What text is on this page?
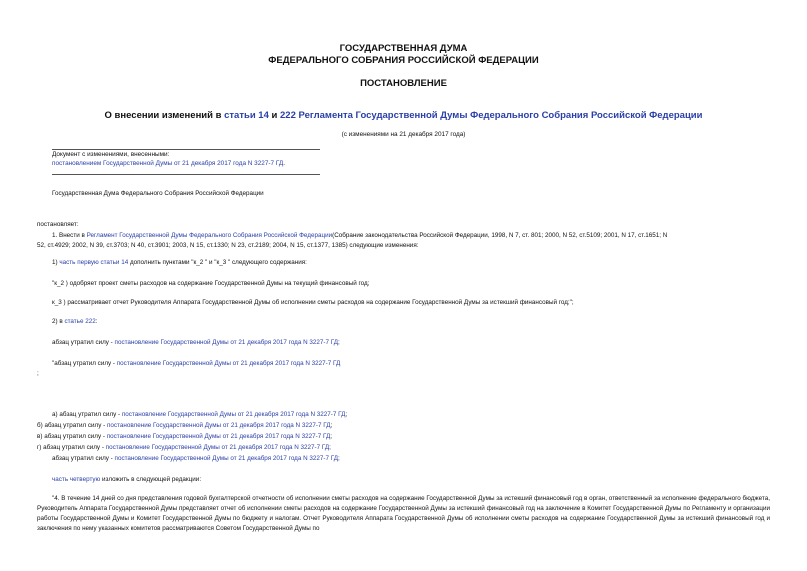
ГОСУДАРСТВЕННАЯ ДУМА
ФЕДЕРАЛЬНОГО СОБРАНИЯ РОССИЙСКОЙ ФЕДЕРАЦИИ
ПОСТАНОВЛЕНИЕ
О внесении изменений в статьи 14 и 222 Регламента Государственной Думы Федерального Собрания Российской Федерации
(с изменениями на 21 декабря 2017 года)
Документ с изменениями, внесенными:
постановлением Государственной Думы от 21 декабря 2017 года N 3227-7 ГД.
Государственная Дума Федерального Собрания Российской Федерации
постановляет:
1. Внести в Регламент Государственной Думы Федерального Собрания Российской Федерации(Собрание законодательства Российской Федерации, 1998, N 7, ст. 801; 2000, N 52, ст.5109; 2001, N 17, ст.1651; N
52, ст.4929; 2002, N 39, ст.3703; N 40, ст.3901; 2003, N 15, ст.1330; N 23, ст.2189; 2004, N 15, ст.1377, 1385) следующие изменения:
1) часть первую статьи 14 дополнить пунктами "к_2 " и "к_3 " следующего содержания:
"к_2 ) одобряет проект сметы расходов на содержание Государственной Думы на текущий финансовый год;
к_3 ) рассматривает отчет Руководителя Аппарата Государственной Думы об исполнении сметы расходов на содержание Государственной Думы за истекший финансовый год;";
2) в статье 222:
абзац утратил силу - постановление Государственной Думы от 21 декабря 2017 года N 3227-7 ГД;
"абзац утратил силу - постановление Государственной Думы от 21 декабря 2017 года N 3227-7 ГД
;
а) абзац утратил силу - постановление Государственной Думы от 21 декабря 2017 года N 3227-7 ГД;
б) абзац утратил силу - постановление Государственной Думы от 21 декабря 2017 года N 3227-7 ГД;
в) абзац утратил силу - постановление Государственной Думы от 21 декабря 2017 года N 3227-7 ГД;
г) абзац утратил силу - постановление Государственной Думы от 21 декабря 2017 года N 3227-7 ГД;
абзац утратил силу - постановление Государственной Думы от 21 декабря 2017 года N 3227-7 ГД;
часть четвертую изложить в следующей редакции:
"4. В течение 14 дней со дня представления годовой бухгалтерской отчетности об исполнении сметы расходов на содержание Государственной Думы за истекший финансовый год в орган, ответственный за исполнение федерального бюджета, Руководитель Аппарата Государственной Думы представляет отчет об исполнении сметы расходов на содержание Государственной Думы за истекший финансовый год на заключение в Комитет Государственной Думы по Регламенту и организации работы Государственной Думы и Комитет Государственной Думы по бюджету и налогам. Отчет Руководителя Аппарата Государственной Думы об исполнении сметы расходов на содержание Государственной Думы за истекший финансовый год и заключения по нему указанных комитетов рассматриваются Советом Государственной Думы по
